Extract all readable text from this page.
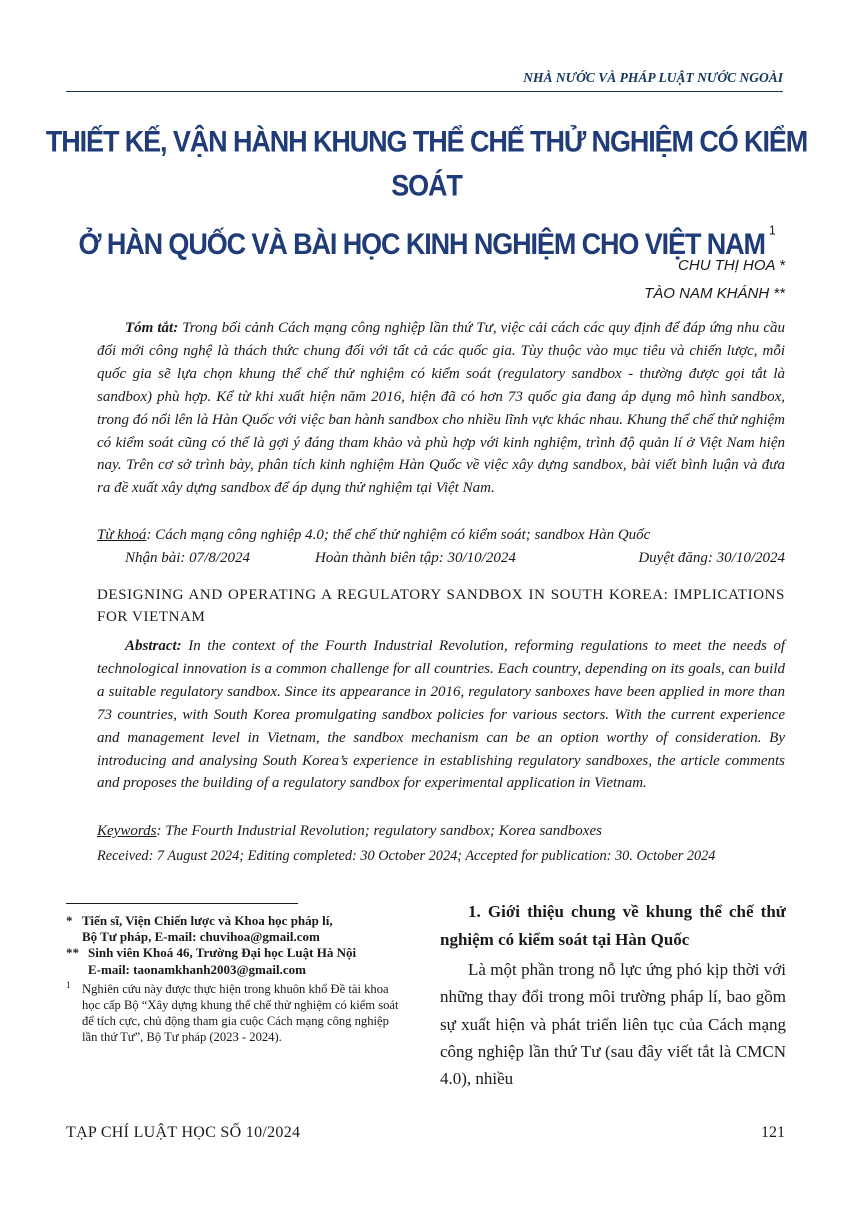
NHÀ NƯỚC VÀ PHÁP LUẬT NƯỚC NGOÀI
THIẾT KẾ, VẬN HÀNH KHUNG THỂ CHẾ THỬ NGHIỆM CÓ KIỂM SOÁT
Ở HÀN QUỐC VÀ BÀI HỌC KINH NGHIỆM CHO VIỆT NAM $^1$
CHU THỊ HOA *
TÀO NAM KHÁNH **
Tóm tắt: Trong bối cảnh Cách mạng công nghiệp lần thứ Tư, việc cải cách các quy định để đáp ứng nhu cầu đổi mới công nghệ là thách thức chung đối với tất cả các quốc gia. Tùy thuộc vào mục tiêu và chiến lược, mỗi quốc gia sẽ lựa chọn khung thể chế thử nghiệm có kiểm soát (regulatory sandbox - thường được gọi tắt là sandbox) phù hợp. Kể từ khi xuất hiện năm 2016, hiện đã có hơn 73 quốc gia đang áp dụng mô hình sandbox, trong đó nổi lên là Hàn Quốc với việc ban hành sandbox cho nhiều lĩnh vực khác nhau. Khung thể chế thử nghiệm có kiểm soát cũng có thể là gợi ý đáng tham khảo và phù hợp với kinh nghiệm, trình độ quản lí ở Việt Nam hiện nay. Trên cơ sở trình bày, phân tích kinh nghiệm Hàn Quốc về việc xây dựng sandbox, bài viết bình luận và đưa ra đề xuất xây dựng sandbox để áp dụng thử nghiệm tại Việt Nam.
Từ khoá: Cách mạng công nghiệp 4.0; thể chế thử nghiệm có kiểm soát; sandbox Hàn Quốc
Nhận bài: 07/8/2024	Hoàn thành biên tập: 30/10/2024	Duyệt đăng: 30/10/2024
DESIGNING AND OPERATING A REGULATORY SANDBOX IN SOUTH KOREA: IMPLICATIONS FOR VIETNAM
Abstract: In the context of the Fourth Industrial Revolution, reforming regulations to meet the needs of technological innovation is a common challenge for all countries. Each country, depending on its goals, can build a suitable regulatory sandbox. Since its appearance in 2016, regulatory sanboxes have been applied in more than 73 countries, with South Korea promulgating sandbox policies for various sectors. With the current experience and management level in Vietnam, the sandbox mechanism can be an option worthy of consideration. By introducing and analysing South Korea’s experience in establishing regulatory sandboxes, the article comments and proposes the building of a regulatory sandbox for experimental application in Vietnam.
Keywords: The Fourth Industrial Revolution; regulatory sandbox; Korea sandboxes
Received: 7 August 2024; Editing completed: 30 October 2024; Accepted for publication: 30. October 2024
* Tiến sĩ, Viện Chiến lược và Khoa học pháp lí,
Bộ Tư pháp, E-mail: chuvihoa@gmail.com
** Sinh viên Khoá 46, Trường Đại học Luật Hà Nội
E-mail: taonamkhanh2003@gmail.com
1 Nghiên cứu này được thực hiện trong khuôn khổ Đề tài khoa học cấp Bộ “Xây dựng khung thể chế thử nghiệm có kiểm soát để tích cực, chủ động tham gia cuộc Cách mạng công nghiệp lần thứ Tư”, Bộ Tư pháp (2023 - 2024).
1. Giới thiệu chung về khung thể chế thử nghiệm có kiểm soát tại Hàn Quốc
Là một phần trong nỗ lực ứng phó kịp thời với những thay đổi trong môi trường pháp lí, bao gồm sự xuất hiện và phát triển liên tục của Cách mạng công nghiệp lần thứ Tư (sau đây viết tắt là CMCN 4.0), nhiều
TẠP CHÍ LUẬT HỌC SỐ 10/2024	121
